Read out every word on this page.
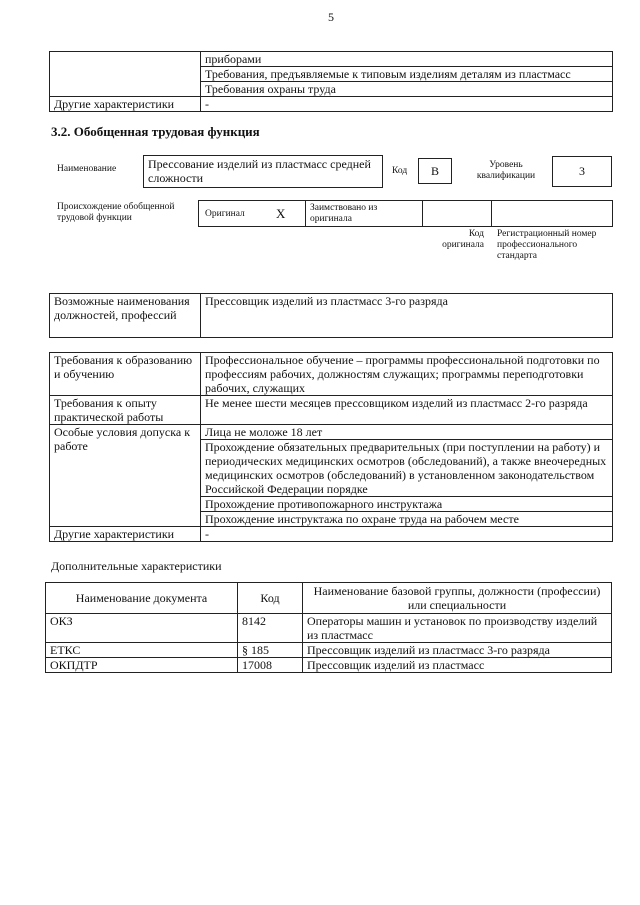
5
	приборами
	Требования, предъявляемые к типовым изделиям деталям из пластмасс
	Требования охраны труда
Другие характеристики	-
3.2. Обобщенная трудовая функция
Наименование	Прессование изделий из пластмасс средней сложности	Код	B	Уровень квалификации	3
Происхождение обобщенной трудовой функции	Оригинал X	Заимствовано из оригинала
Код оригинала
Регистрационный номер профессионального стандарта
Возможные наименования должностей, профессий	Прессовщик изделий из пластмасс 3-го разряда
Требования к образованию и обучению	Профессиональное обучение – программы профессиональной подготовки по профессиям рабочих, должностям служащих; программы переподготовки рабочих, служащих
Требования к опыту практической работы	Не менее шести месяцев прессовщиком изделий из пластмасс 2-го разряда
Особые условия допуска к работе	Лица не моложе 18 лет
	Прохождение обязательных предварительных (при поступлении на работу) и периодических медицинских осмотров (обследований), а также внеочередных медицинских осмотров (обследований) в установленном законодательством Российской Федерации порядке
	Прохождение противопожарного инструктажа
	Прохождение инструктажа по охране труда на рабочем месте
Другие характеристики	-
Дополнительные характеристики
Наименование документа	Код	Наименование базовой группы, должности (профессии) или специальности
ОКЗ	8142	Операторы машин и установок по производству изделий из пластмасс
ЕТКС	§ 185	Прессовщик изделий из пластмасс 3-го разряда
ОКПДТР	17008	Прессовщик изделий из пластмасс
